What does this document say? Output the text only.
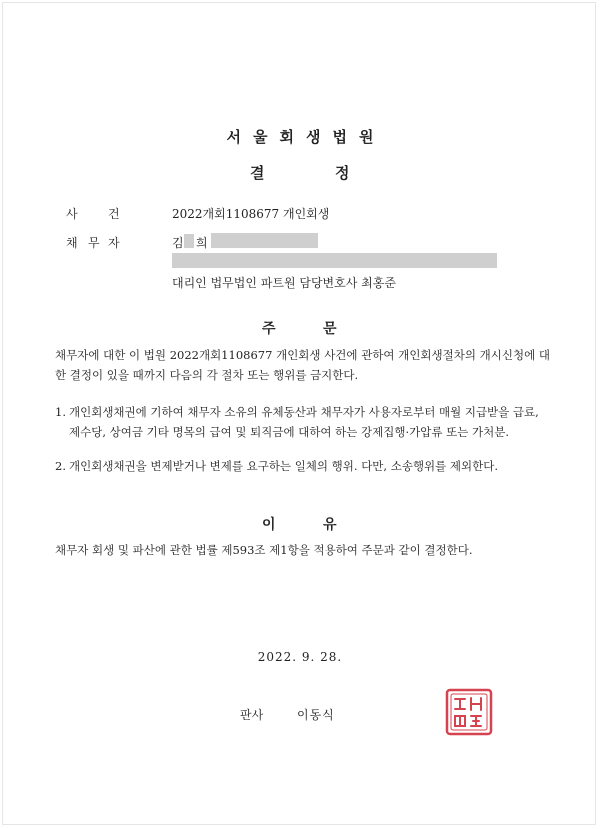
서울회생법원
결	정
사	건	2022개회1108677 개인회생
채 무 자	김 희
대리인 법무법인 파트원 담당변호사 최홍준
주	문
채무자에 대한 이 법원 2022개회1108677 개인회생 사건에 관하여 개인회생절차의 개시신청에 대한 결정이 있을 때까지 다음의 각 절차 또는 행위를 금지한다.
1. 개인회생채권에 기하여 채무자 소유의 유체동산과 채무자가 사용자로부터 매월 지급받을 급료, 제수당, 상여금 기타 명목의 급여 및 퇴직금에 대하여 하는 강제집행·가압류 또는 가처분.
2. 개인회생채권을 변제받거나 변제를 요구하는 일체의 행위. 다만, 소송행위를 제외한다.
이	유
채무자 회생 및 파산에 관한 법률 제593조 제1항을 적용하여 주문과 같이 결정한다.
2022. 9. 28.
판사	이동식
